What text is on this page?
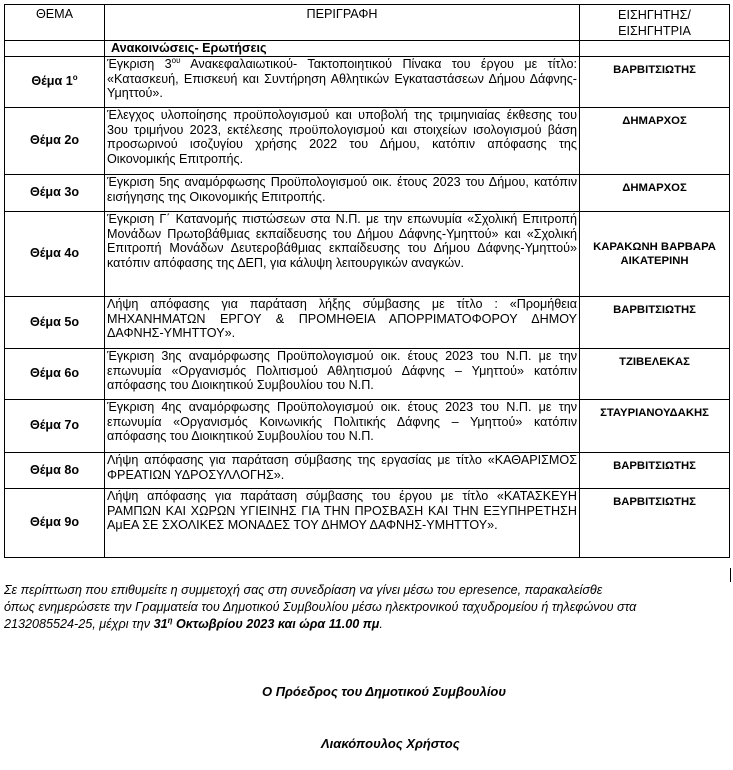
ΘΕΜΑ	ΠΕΡΙΓΡΑΦΗ	ΕΙΣΗΓΗΤΗΣ/
ΕΙΣΗΓΗΤΡΙΑ
	Ανακοινώσεις- Ερωτήσεις	
Θέμα $1^o$	Έγκριση $3^{o\upsilon}$ Ανακεφαλαιωτικού- Τακτοποιητικού Πίνακα του έργου με τίτλο: «Κατασκευή, Επισκευή και Συντήρηση Αθλητικών Εγκαταστάσεων Δήμου Δάφνης-Υμηττού».	ΒΑΡΒΙΤΣΙΩΤΗΣ
Θέμα 2ο	Έλεγχος υλοποίησης προϋπολογισμού και υποβολή της τριμηνιαίας έκθεσης του 3ου τριμήνου 2023, εκτέλεσης προϋπολογισμού και στοιχείων ισολογισμού βάση προσωρινού ισοζυγίου χρήσης 2022 του Δήμου, κατόπιν απόφασης της Οικονομικής Επιτροπής.	ΔΗΜΑΡΧΟΣ
Θέμα 3ο	Έγκριση 5ης αναμόρφωσης Προϋπολογισμού οικ. έτους 2023 του Δήμου, κατόπιν εισήγησης της Οικονομικής Επιτροπής.	ΔΗΜΑΡΧΟΣ
Θέμα 4ο	Έγκριση Γ΄ Κατανομής πιστώσεων στα Ν.Π. με την επωνυμία «Σχολική Επιτροπή Μονάδων Πρωτοβάθμιας εκπαίδευσης του Δήμου Δάφνης-Υμηττού» και «Σχολική Επιτροπή Μονάδων Δευτεροβάθμιας εκπαίδευσης του Δήμου Δάφνης-Υμηττού» κατόπιν απόφασης της ΔΕΠ, για κάλυψη λειτουργικών αναγκών.	ΚΑΡΑΚΩΝΗ ΒΑΡΒΑΡΑ ΑΙΚΑΤΕΡΙΝΗ
Θέμα 5ο	Λήψη απόφασης για παράταση λήξης σύμβασης με τίτλο : «Προμήθεια ΜΗΧΑΝΗΜΑΤΩΝ ΕΡΓΟΥ & ΠΡΟΜΗΘΕΙΑ ΑΠΟΡΡΙΜΑΤΟΦΟΡΟΥ ΔΗΜΟΥ ΔΑΦΝΗΣ-ΥΜΗΤΤΟΥ».	ΒΑΡΒΙΤΣΙΩΤΗΣ
Θέμα 6ο	Έγκριση 3ης αναμόρφωσης Προϋπολογισμού οικ. έτους 2023 του Ν.Π. με την επωνυμία «Οργανισμός Πολιτισμού Αθλητισμού Δάφνης – Υμηττού» κατόπιν απόφασης του Διοικητικού Συμβουλίου του Ν.Π.	ΤΖΙΒΕΛΕΚΑΣ
Θέμα 7ο	Έγκριση 4ης αναμόρφωσης Προϋπολογισμού οικ. έτους 2023 του Ν.Π. με την επωνυμία «Οργανισμός Κοινωνικής Πολιτικής Δάφνης – Υμηττού» κατόπιν απόφασης του Διοικητικού Συμβουλίου του Ν.Π.	ΣΤΑΥΡΙΑΝΟΥΔΑΚΗΣ
Θέμα 8ο	Λήψη απόφασης για παράταση σύμβασης της εργασίας με τίτλο «ΚΑΘΑΡΙΣΜΟΣ ΦΡΕΑΤΙΩΝ ΥΔΡΟΣΥΛΛΟΓΗΣ».	ΒΑΡΒΙΤΣΙΩΤΗΣ
Θέμα 9ο	Λήψη απόφασης για παράταση σύμβασης του έργου με τίτλο «ΚΑΤΑΣΚΕΥΗ ΡΑΜΠΩΝ ΚΑΙ ΧΩΡΩΝ ΥΓΙΕΙΝΗΣ ΓΙΑ ΤΗΝ ΠΡΟΣΒΑΣΗ ΚΑΙ ΤΗΝ ΕΞΥΠΗΡΕΤΗΣΗ ΑμΕΑ ΣΕ ΣΧΟΛΙΚΕΣ ΜΟΝΑΔΕΣ ΤΟΥ ΔΗΜΟΥ ΔΑΦΝΗΣ-ΥΜΗΤΤΟΥ».	ΒΑΡΒΙΤΣΙΩΤΗΣ
Σε περίπτωση που επιθυμείτε η συμμετοχή σας στη συνεδρίαση να γίνει μέσω του epresence, παρακαλείσθε
όπως ενημερώσετε την Γραμματεία του Δημοτικού Συμβουλίου μέσω ηλεκτρονικού ταχυδρομείου ή τηλεφώνου στα
2132085524-25, μέχρι την $31^\eta$ Οκτωβρίου 2023 και ώρα 11.00 πμ.
Ο Πρόεδρος του Δημοτικού Συμβουλίου
Λιακόπουλος Χρήστος
